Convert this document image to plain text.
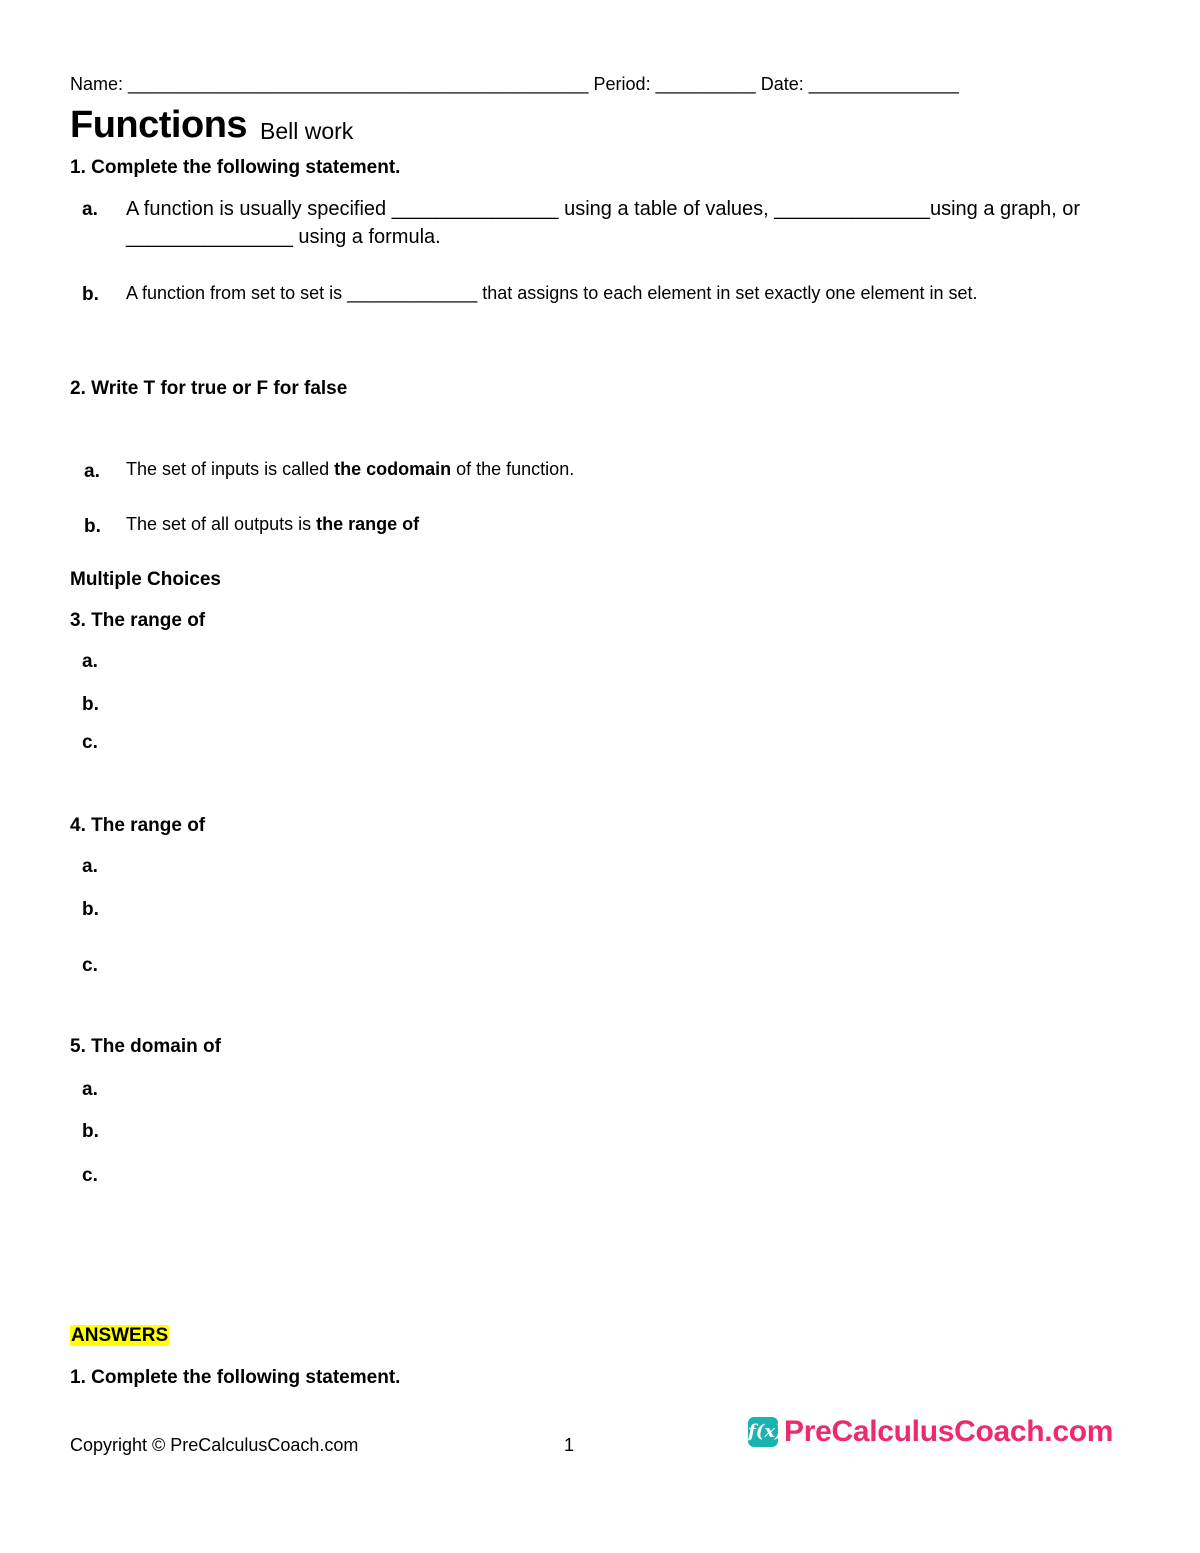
Name: ______________________________________________ Period: __________ Date: _______________
Functions Bell work
1. Complete the following statement.
a. A function is usually specified _______________ using a table of values, ______________using a graph, or
_______________ using a formula.
b. A function from set to set is _____________ that assigns to each element in set exactly one element in set.
2. Write T for true or F for false
a. The set of inputs is called the codomain of the function.
b. The set of all outputs is the range of
Multiple Choices
3. The range of
a.
b.
c.
4. The range of
a.
b.
c.
5. The domain of
a.
b.
c.
ANSWERS
1. Complete the following statement.
Copyright © PreCalculusCoach.com	1
f(x)PreCalculusCoach.com
